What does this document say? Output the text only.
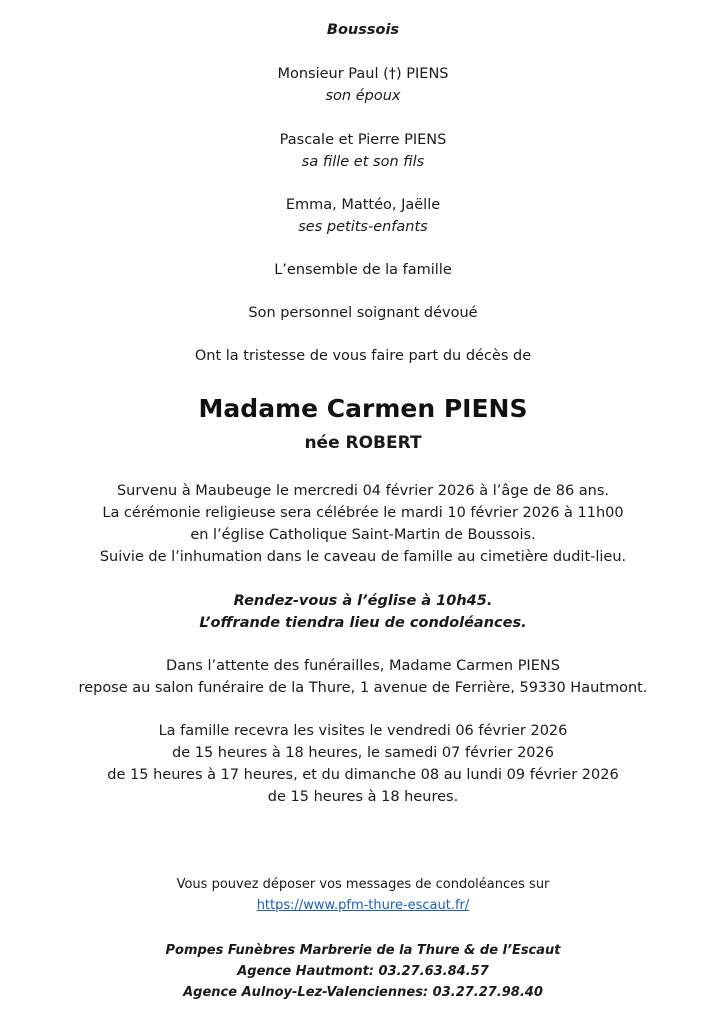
Boussois
Monsieur Paul (†) PIENS
son époux
Pascale et Pierre PIENS
sa fille et son fils
Emma, Mattéo, Jaëlle
ses petits-enfants
L’ensemble de la famille
Son personnel soignant dévoué
Ont la tristesse de vous faire part du décès de
Madame Carmen PIENS
née ROBERT
Survenu à Maubeuge le mercredi 04 février 2026 à l’âge de 86 ans.
La cérémonie religieuse sera célébrée le mardi 10 février 2026 à 11h00
en l’église Catholique Saint-Martin de Boussois.
Suivie de l’inhumation dans le caveau de famille au cimetière dudit-lieu.
Rendez-vous à l’église à 10h45.
L’offrande tiendra lieu de condoléances.
Dans l’attente des funérailles, Madame Carmen PIENS
repose au salon funéraire de la Thure, 1 avenue de Ferrière, 59330 Hautmont.
La famille recevra les visites le vendredi 06 février 2026
de 15 heures à 18 heures, le samedi 07 février 2026
de 15 heures à 17 heures, et du dimanche 08 au lundi 09 février 2026
de 15 heures à 18 heures.
Vous pouvez déposer vos messages de condoléances sur
https://www.pfm-thure-escaut.fr/
Pompes Funèbres Marbrerie de la Thure & de l’Escaut
Agence Hautmont: 03.27.63.84.57
Agence Aulnoy-Lez-Valenciennes: 03.27.27.98.40
